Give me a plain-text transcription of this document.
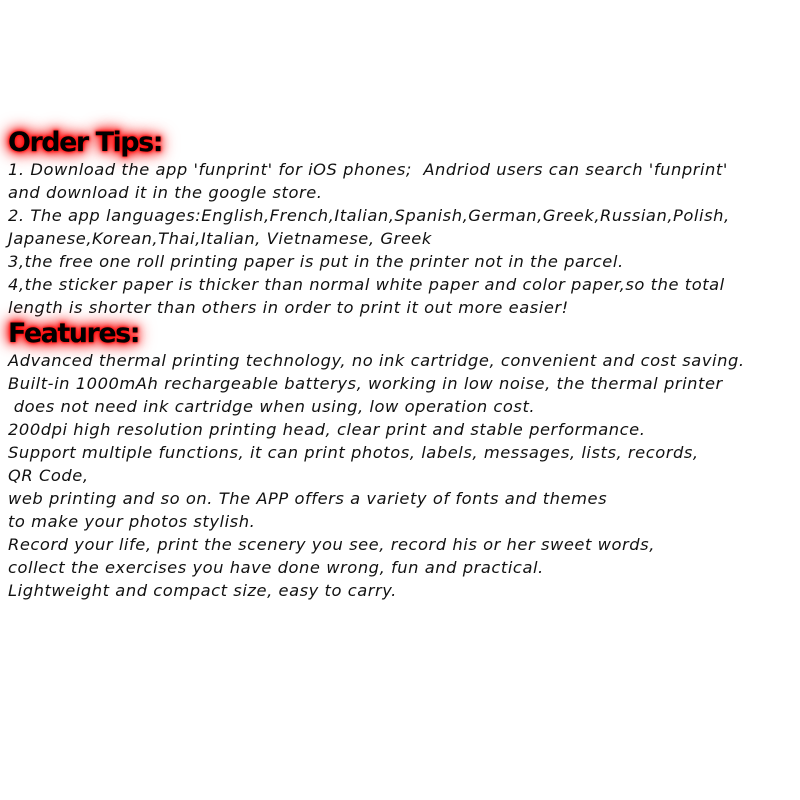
Order Tips:
1. Download the app 'funprint' for iOS phones;  Andriod users can search 'funprint'
and download it in the google store.
2. The app languages:English,French,Italian,Spanish,German,Greek,Russian,Polish,
Japanese,Korean,Thai,Italian, Vietnamese, Greek
3,the free one roll printing paper is put in the printer not in the parcel.
4,the sticker paper is thicker than normal white paper and color paper,so the total
length is shorter than others in order to print it out more easier!
Features:
Advanced thermal printing technology, no ink cartridge, convenient and cost saving.
Built-in 1000mAh rechargeable batterys, working in low noise, the thermal printer
does not need ink cartridge when using, low operation cost.
200dpi high resolution printing head, clear print and stable performance.
Support multiple functions, it can print photos, labels, messages, lists, records,
QR Code,
web printing and so on. The APP offers a variety of fonts and themes
to make your photos stylish.
Record your life, print the scenery you see, record his or her sweet words,
collect the exercises you have done wrong, fun and practical.
Lightweight and compact size, easy to carry.
